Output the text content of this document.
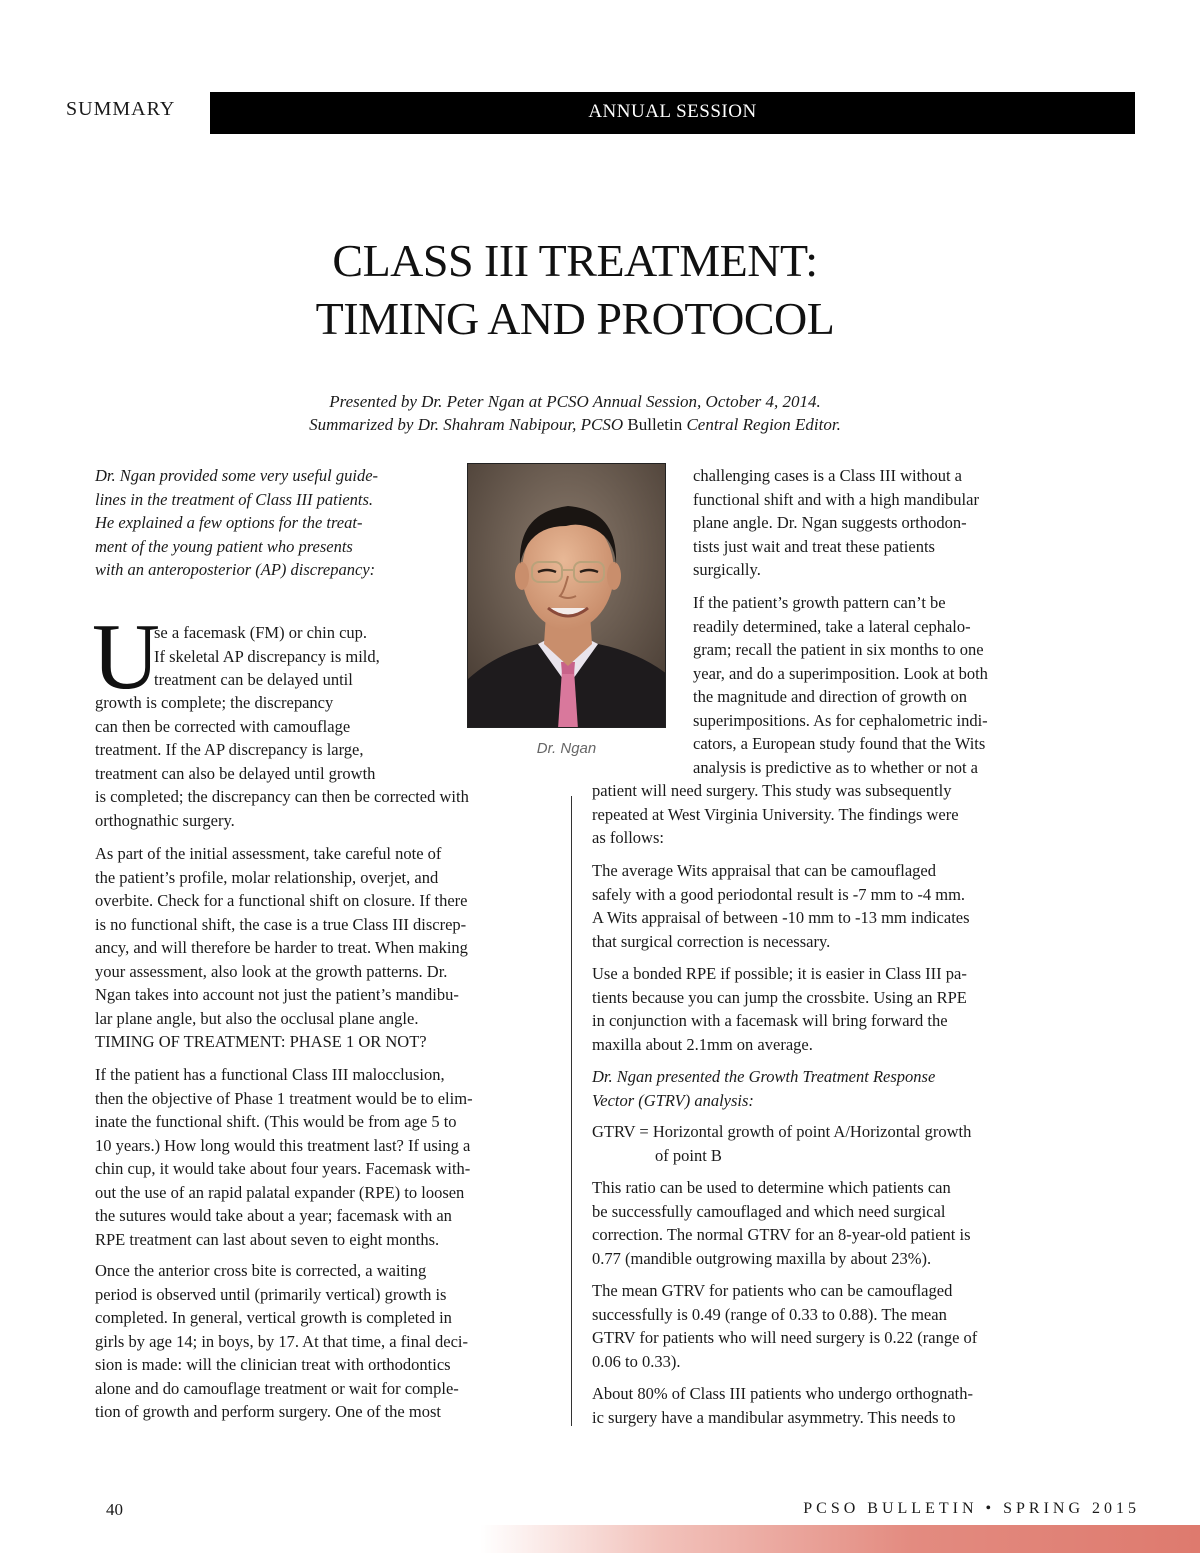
SUMMARY	ANNUAL SESSION
CLASS III TREATMENT:
TIMING AND PROTOCOL
Presented by Dr. Peter Ngan at PCSO Annual Session, October 4, 2014.
Summarized by Dr. Shahram Nabipour, PCSO Bulletin Central Region Editor.
Dr. Ngan provided some very useful guide-
lines in the treatment of Class III patients.
He explained a few options for the treat-
ment of the young patient who presents
with an anteroposterior (AP) discrepancy:
U
se a facemask (FM) or chin cup.
If skeletal AP discrepancy is mild,
treatment can be delayed until
growth is complete; the discrepancy
can then be corrected with camouflage
treatment. If the AP discrepancy is large,
treatment can also be delayed until growth
is completed; the discrepancy can then be corrected with
orthognathic surgery.
As part of the initial assessment, take careful note of
the patient’s profile, molar relationship, overjet, and
overbite. Check for a functional shift on closure. If there
is no functional shift, the case is a true Class III discrep-
ancy, and will therefore be harder to treat. When making
your assessment, also look at the growth patterns. Dr.
Ngan takes into account not just the patient’s mandibu-
lar plane angle, but also the occlusal plane angle.
TIMING OF TREATMENT: PHASE 1 OR NOT?
If the patient has a functional Class III malocclusion,
then the objective of Phase 1 treatment would be to elim-
inate the functional shift. (This would be from age 5 to
10 years.) How long would this treatment last? If using a
chin cup, it would take about four years. Facemask with-
out the use of an rapid palatal expander (RPE) to loosen
the sutures would take about a year; facemask with an
RPE treatment can last about seven to eight months.
Once the anterior cross bite is corrected, a waiting
period is observed until (primarily vertical) growth is
completed. In general, vertical growth is completed in
girls by age 14; in boys, by 17. At that time, a final deci-
sion is made: will the clinician treat with orthodontics
alone and do camouflage treatment or wait for comple-
tion of growth and perform surgery. One of the most
Dr. Ngan
challenging cases is a Class III without a
functional shift and with a high mandibular
plane angle. Dr. Ngan suggests orthodon-
tists just wait and treat these patients
surgically.
If the patient’s growth pattern can’t be
readily determined, take a lateral cephalo-
gram; recall the patient in six months to one
year, and do a superimposition. Look at both
the magnitude and direction of growth on
superimpositions. As for cephalometric indi-
cators, a European study found that the Wits
analysis is predictive as to whether or not a
patient will need surgery. This study was subsequently
repeated at West Virginia University. The findings were
as follows:
The average Wits appraisal that can be camouflaged
safely with a good periodontal result is -7 mm to -4 mm.
A Wits appraisal of between -10 mm to -13 mm indicates
that surgical correction is necessary.
Use a bonded RPE if possible; it is easier in Class III pa-
tients because you can jump the crossbite. Using an RPE
in conjunction with a facemask will bring forward the
maxilla about 2.1mm on average.
Dr. Ngan presented the Growth Treatment Response
Vector (GTRV) analysis:
GTRV = Horizontal growth of point A/Horizontal growth
of point B
This ratio can be used to determine which patients can
be successfully camouflaged and which need surgical
correction. The normal GTRV for an 8-year-old patient is
0.77 (mandible outgrowing maxilla by about 23%).
The mean GTRV for patients who can be camouflaged
successfully is 0.49 (range of 0.33 to 0.88). The mean
GTRV for patients who will need surgery is 0.22 (range of
0.06 to 0.33).
About 80% of Class III patients who undergo orthognath-
ic surgery have a mandibular asymmetry. This needs to
40	PCSO BULLETIN • SPRING 2015
